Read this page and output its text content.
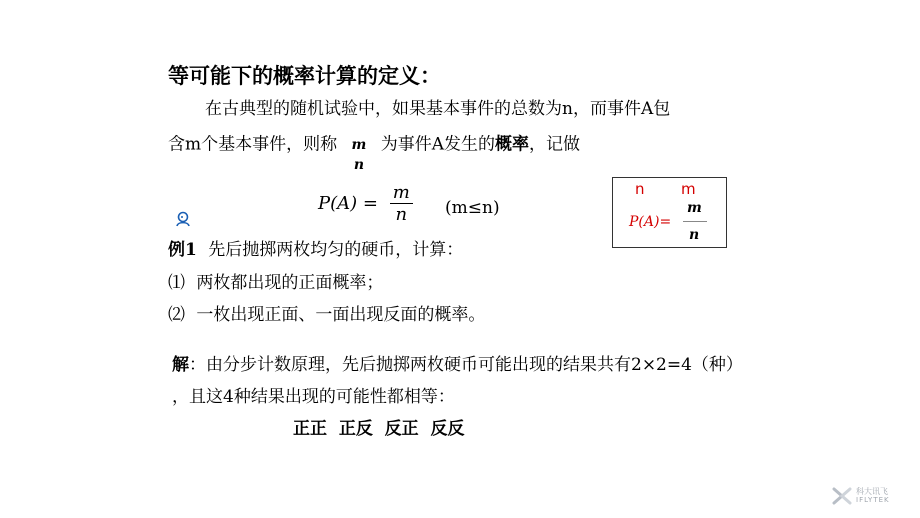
等可能下的概率计算的定义：
在古典型的随机试验中，如果基本事件的总数为n，而事件A包
含m个基本事件，则称 m
n
为事件A发生的概率，记做
$P(A) = \frac{m}{n} (m\le n)$
n m
P(A)=
m
n
例1 先后抛掷两枚均匀的硬币，计算：
⑴ 两枚都出现的正面概率；
⑵ 一枚出现正面、一面出现反面的概率。
解：由分步计数原理，先后抛掷两枚硬币可能出现的结果共有2×2=4（种）
，且这4种结果出现的可能性都相等：
正正  正反  反正  反反
科大讯飞
IFLYTEK
